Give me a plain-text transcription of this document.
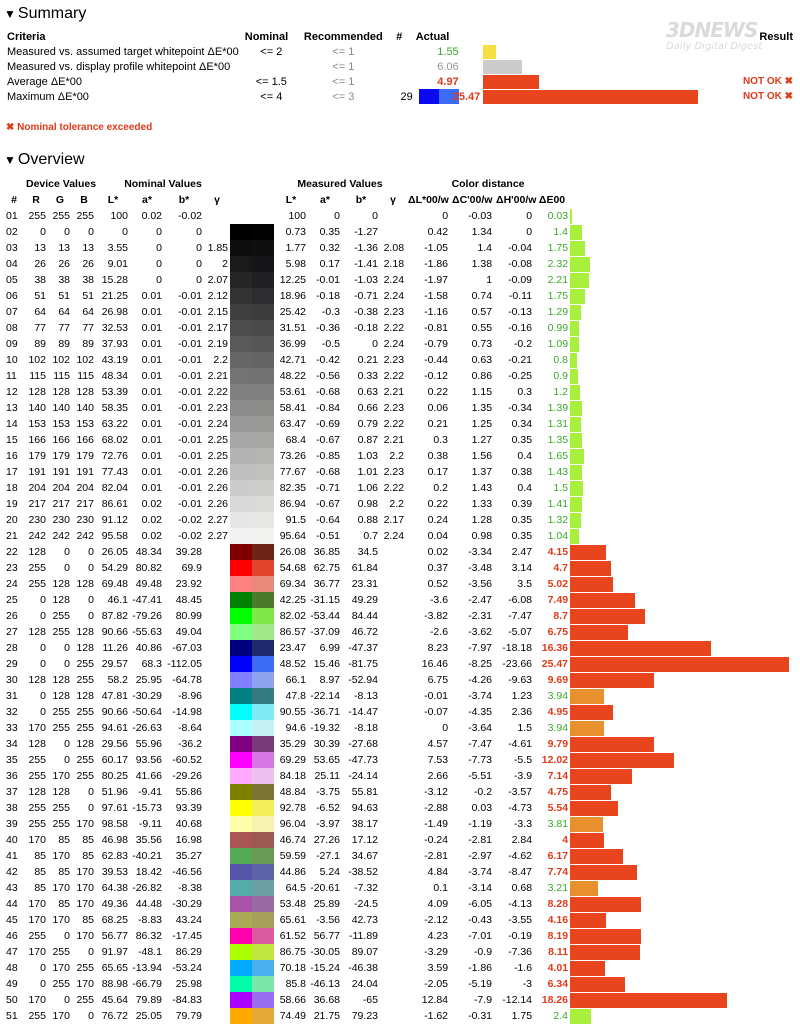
3DNEWS
Daily Digital Digest
▼ Summary
Criteria	Nominal	Recommended	#	Actual			Result
Measured vs. assumed target whitepoint ΔE*00	<= 2	<= 1		1.55		

Measured vs. display profile whitepoint ΔE*00		<= 1		6.06		

Average ΔE*00	<= 1.5	<= 1		4.97			NOT OK ✖
Maximum ΔE*00	<= 4	<= 3	29	25.47			NOT OK ✖
✖ Nominal tolerance exceeded
▼ Overview
	Device Values			Nominal Values					Measured Values				Color distance				
#	R	G	B	L*	a*	b*	γ		L*	a*	b*	γ	ΔL*00/w	ΔC'00/w	ΔH'00/w	ΔE00	
01	255	255	255	100	0.02	-0.02			100	0	0		0	-0.03	0	0.03	

02	0	0	0	0	0	0			0.73	0.35	-1.27		0.42	1.34	0	1.4	

03	13	13	13	3.55	0	0	1.85		1.77	0.32	-1.36	2.08	-1.05	1.4	-0.04	1.75	

04	26	26	26	9.01	0	0	2		5.98	0.17	-1.41	2.18	-1.86	1.38	-0.08	2.32	

05	38	38	38	15.28	0	0	2.07		12.25	-0.01	-1.03	2.24	-1.97	1	-0.09	2.21	

06	51	51	51	21.25	0.01	-0.01	2.12		18.96	-0.18	-0.71	2.24	-1.58	0.74	-0.11	1.75	

07	64	64	64	26.98	0.01	-0.01	2.15		25.42	-0.3	-0.38	2.23	-1.16	0.57	-0.13	1.29	

08	77	77	77	32.53	0.01	-0.01	2.17		31.51	-0.36	-0.18	2.22	-0.81	0.55	-0.16	0.99	

09	89	89	89	37.93	0.01	-0.01	2.19		36.99	-0.5	0	2.24	-0.79	0.73	-0.2	1.09	

10	102	102	102	43.19	0.01	-0.01	2.2		42.71	-0.42	0.21	2.23	-0.44	0.63	-0.21	0.8	

11	115	115	115	48.34	0.01	-0.01	2.21		48.22	-0.56	0.33	2.22	-0.12	0.86	-0.25	0.9	

12	128	128	128	53.39	0.01	-0.01	2.22		53.61	-0.68	0.63	2.21	0.22	1.15	0.3	1.2	

13	140	140	140	58.35	0.01	-0.01	2.23		58.41	-0.84	0.66	2.23	0.06	1.35	-0.34	1.39	

14	153	153	153	63.22	0.01	-0.01	2.24		63.47	-0.69	0.79	2.22	0.21	1.25	0.34	1.31	

15	166	166	166	68.02	0.01	-0.01	2.25		68.4	-0.67	0.87	2.21	0.3	1.27	0.35	1.35	

16	179	179	179	72.76	0.01	-0.01	2.25		73.26	-0.85	1.03	2.2	0.38	1.56	0.4	1.65	

17	191	191	191	77.43	0.01	-0.01	2.26		77.67	-0.68	1.01	2.23	0.17	1.37	0.38	1.43	

18	204	204	204	82.04	0.01	-0.01	2.26		82.35	-0.71	1.06	2.22	0.2	1.43	0.4	1.5	

19	217	217	217	86.61	0.02	-0.01	2.26		86.94	-0.67	0.98	2.2	0.22	1.33	0.39	1.41	

20	230	230	230	91.12	0.02	-0.02	2.27		91.5	-0.64	0.88	2.17	0.24	1.28	0.35	1.32	

21	242	242	242	95.58	0.02	-0.02	2.27		95.64	-0.51	0.7	2.24	0.04	0.98	0.35	1.04	

22	128	0	0	26.05	48.34	39.28			26.08	36.85	34.5		0.02	-3.34	2.47	4.15	

23	255	0	0	54.29	80.82	69.9			54.68	62.75	61.84		0.37	-3.48	3.14	4.7	

24	255	128	128	69.48	49.48	23.92			69.34	36.77	23.31		0.52	-3.56	3.5	5.02	

25	0	128	0	46.1	-47.41	48.45			42.25	-31.15	49.29		-3.6	-2.47	-6.08	7.49	

26	0	255	0	87.82	-79.26	80.99			82.02	-53.44	84.44		-3.82	-2.31	-7.47	8.7	

27	128	255	128	90.66	-55.63	49.04			86.57	-37.09	46.72		-2.6	-3.62	-5.07	6.75	

28	0	0	128	11.26	40.86	-67.03			23.47	6.99	-47.37		8.23	-7.97	-18.18	16.36	

29	0	0	255	29.57	68.3	-112.05			48.52	15.46	-81.75		16.46	-8.25	-23.66	25.47	

30	128	128	255	58.2	25.95	-64.78			66.1	8.97	-52.94		6.75	-4.26	-9.63	9.69	

31	0	128	128	47.81	-30.29	-8.96			47.8	-22.14	-8.13		-0.01	-3.74	1.23	3.94	

32	0	255	255	90.66	-50.64	-14.98			90.55	-36.71	-14.47		-0.07	-4.35	2.36	4.95	

33	170	255	255	94.61	-26.63	-8.64			94.6	-19.32	-8.18		0	-3.64	1.5	3.94	

34	128	0	128	29.56	55.96	-36.2			35.29	30.39	-27.68		4.57	-7.47	-4.61	9.79	

35	255	0	255	60.17	93.56	-60.52			69.29	53.65	-47.73		7.53	-7.73	-5.5	12.02	

36	255	170	255	80.25	41.66	-29.26			84.18	25.11	-24.14		2.66	-5.51	-3.9	7.14	

37	128	128	0	51.96	-9.41	55.86			48.84	-3.75	55.81		-3.12	-0.2	-3.57	4.75	

38	255	255	0	97.61	-15.73	93.39			92.78	-6.52	94.63		-2.88	0.03	-4.73	5.54	

39	255	255	170	98.58	-9.11	40.68			96.04	-3.97	38.17		-1.49	-1.19	-3.3	3.81	

40	170	85	85	46.98	35.56	16.98			46.74	27.26	17.12		-0.24	-2.81	2.84	4	

41	85	170	85	62.83	-40.21	35.27			59.59	-27.1	34.67		-2.81	-2.97	-4.62	6.17	

42	85	85	170	39.53	18.42	-46.56			44.86	5.24	-38.52		4.84	-3.74	-8.47	7.74	

43	85	170	170	64.38	-26.82	-8.38			64.5	-20.61	-7.32		0.1	-3.14	0.68	3.21	

44	170	85	170	49.36	44.48	-30.29			53.48	25.89	-24.5		4.09	-6.05	-4.13	8.28	

45	170	170	85	68.25	-8.83	43.24			65.61	-3.56	42.73		-2.12	-0.43	-3.55	4.16	

46	255	0	170	56.77	86.32	-17.45			61.52	56.77	-11.89		4.23	-7.01	-0.19	8.19	

47	170	255	0	91.97	-48.1	86.29			86.75	-30.05	89.07		-3.29	-0.9	-7.36	8.11	

48	0	170	255	65.65	-13.94	-53.24			70.18	-15.24	-46.38		3.59	-1.86	-1.6	4.01	

49	0	255	170	88.98	-66.79	25.98			85.8	-46.13	24.04		-2.05	-5.19	-3	6.34	

50	170	0	255	45.64	79.89	-84.83			58.66	36.68	-65		12.84	-7.9	-12.14	18.26	

51	255	170	0	76.72	25.05	79.79			74.49	21.75	79.23		-1.62	-0.31	1.75	2.4	
